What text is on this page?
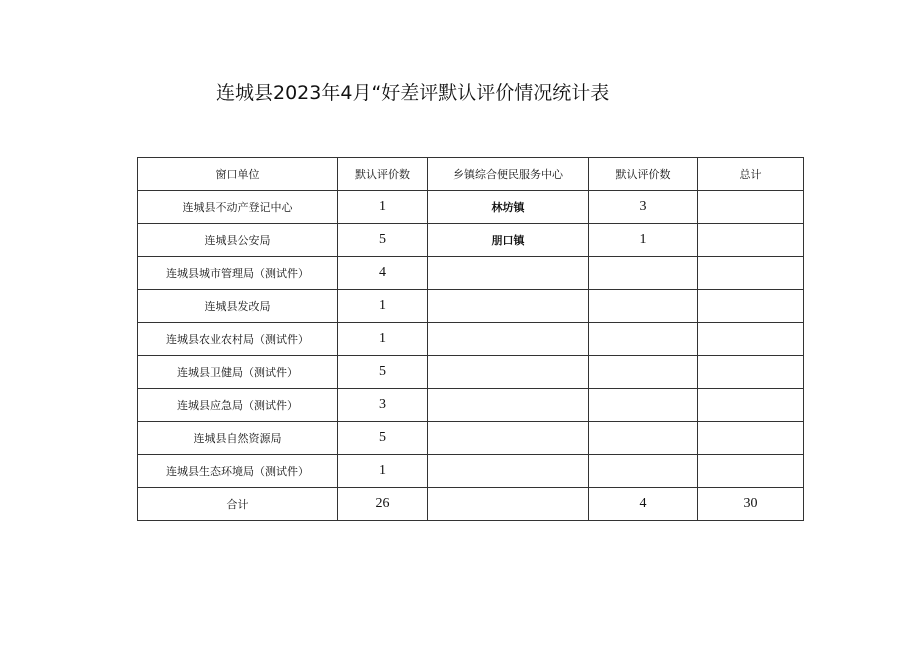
连城县2023年4月“好差评默认评价情况统计表
窗口单位	默认评价数	乡镇综合便民服务中心	默认评价数	总计
连城县不动产登记中心	1	林坊镇	3	
连城县公安局	5	朋口镇	1	
连城县城市管理局（测试件）	4			
连城县发改局	1			
连城县农业农村局（测试件）	1			
连城县卫健局（测试件）	5			
连城县应急局（测试件）	3			
连城县自然资源局	5			
连城县生态环境局（测试件）	1			
合计	26		4	30
